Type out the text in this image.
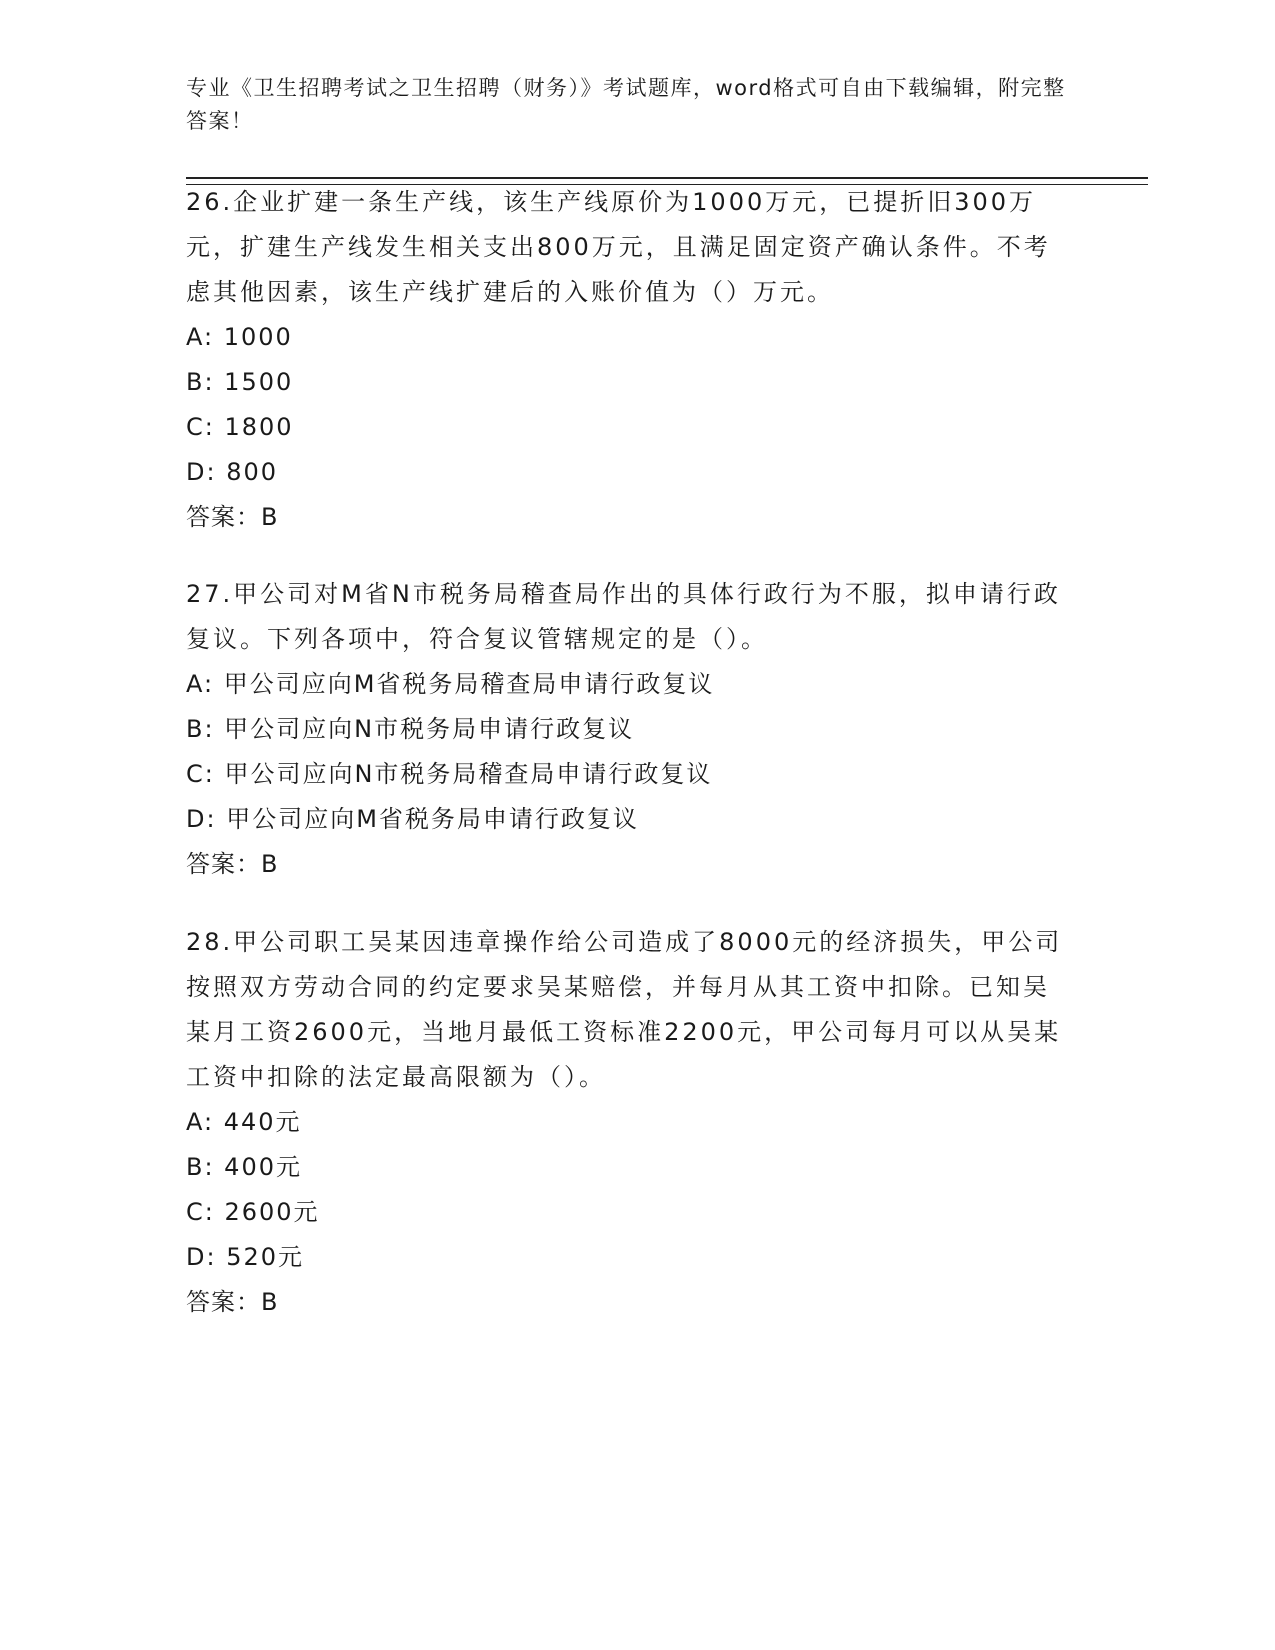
专业《卫生招聘考试之卫生招聘（财务）》考试题库，word格式可自由下载编辑，附完整答案！

26.企业扩建一条生产线，该生产线原价为1000万元，已提折旧300万元，扩建生产线发生相关支出800万元，且满足固定资产确认条件。不考虑其他因素，该生产线扩建后的入账价值为（）万元。

A: 1000

B: 1500

C: 1800

D: 800

答案：B

27.甲公司对M省N市税务局稽查局作出的具体行政行为不服，拟申请行政复议。下列各项中，符合复议管辖规定的是（）。

A: 甲公司应向M省税务局稽查局申请行政复议

B: 甲公司应向N市税务局申请行政复议

C: 甲公司应向N市税务局稽查局申请行政复议

D: 甲公司应向M省税务局申请行政复议

答案：B

28.甲公司职工吴某因违章操作给公司造成了8000元的经济损失，甲公司按照双方劳动合同的约定要求吴某赔偿，并每月从其工资中扣除。已知吴某月工资2600元，当地月最低工资标准2200元，甲公司每月可以从吴某工资中扣除的法定最高限额为（）。

A: 440元

B: 400元

C: 2600元

D: 520元

答案：B
